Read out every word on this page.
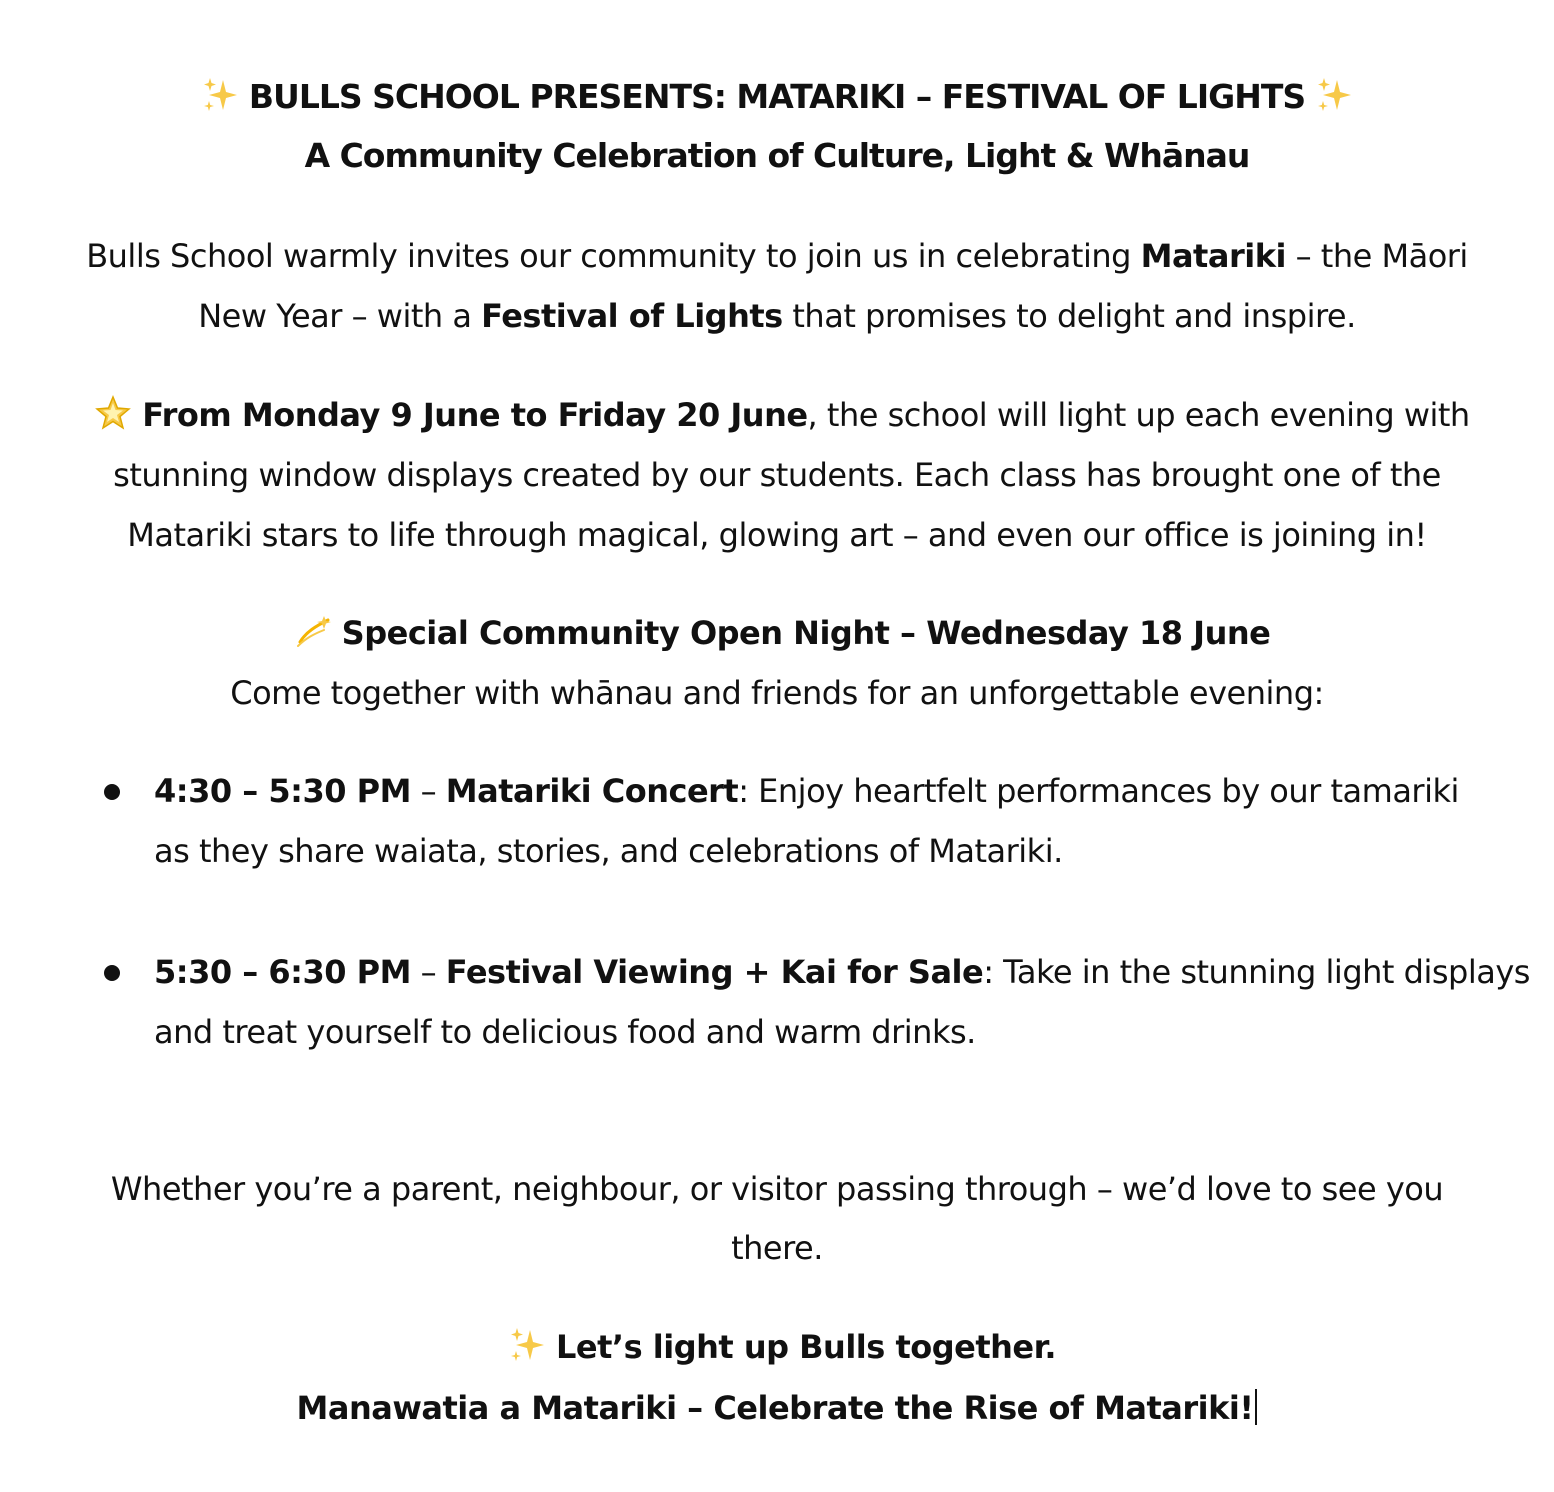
BULLS SCHOOL PRESENTS: MATARIKI – FESTIVAL OF LIGHTS
A Community Celebration of Culture, Light & Whānau
Bulls School warmly invites our community to join us in celebrating Matariki – the Māori
New Year – with a Festival of Lights that promises to delight and inspire.
From Monday 9 June to Friday 20 June, the school will light up each evening with
stunning window displays created by our students. Each class has brought one of the
Matariki stars to life through magical, glowing art – and even our office is joining in!
Special Community Open Night – Wednesday 18 June
Come together with whānau and friends for an unforgettable evening:
4:30 – 5:30 PM – Matariki Concert: Enjoy heartfelt performances by our tamariki
as they share waiata, stories, and celebrations of Matariki.
5:30 – 6:30 PM – Festival Viewing + Kai for Sale: Take in the stunning light displays
and treat yourself to delicious food and warm drinks.
Whether you’re a parent, neighbour, or visitor passing through – we’d love to see you
there.
Let’s light up Bulls together.
Manawatia a Matariki – Celebrate the Rise of Matariki!
